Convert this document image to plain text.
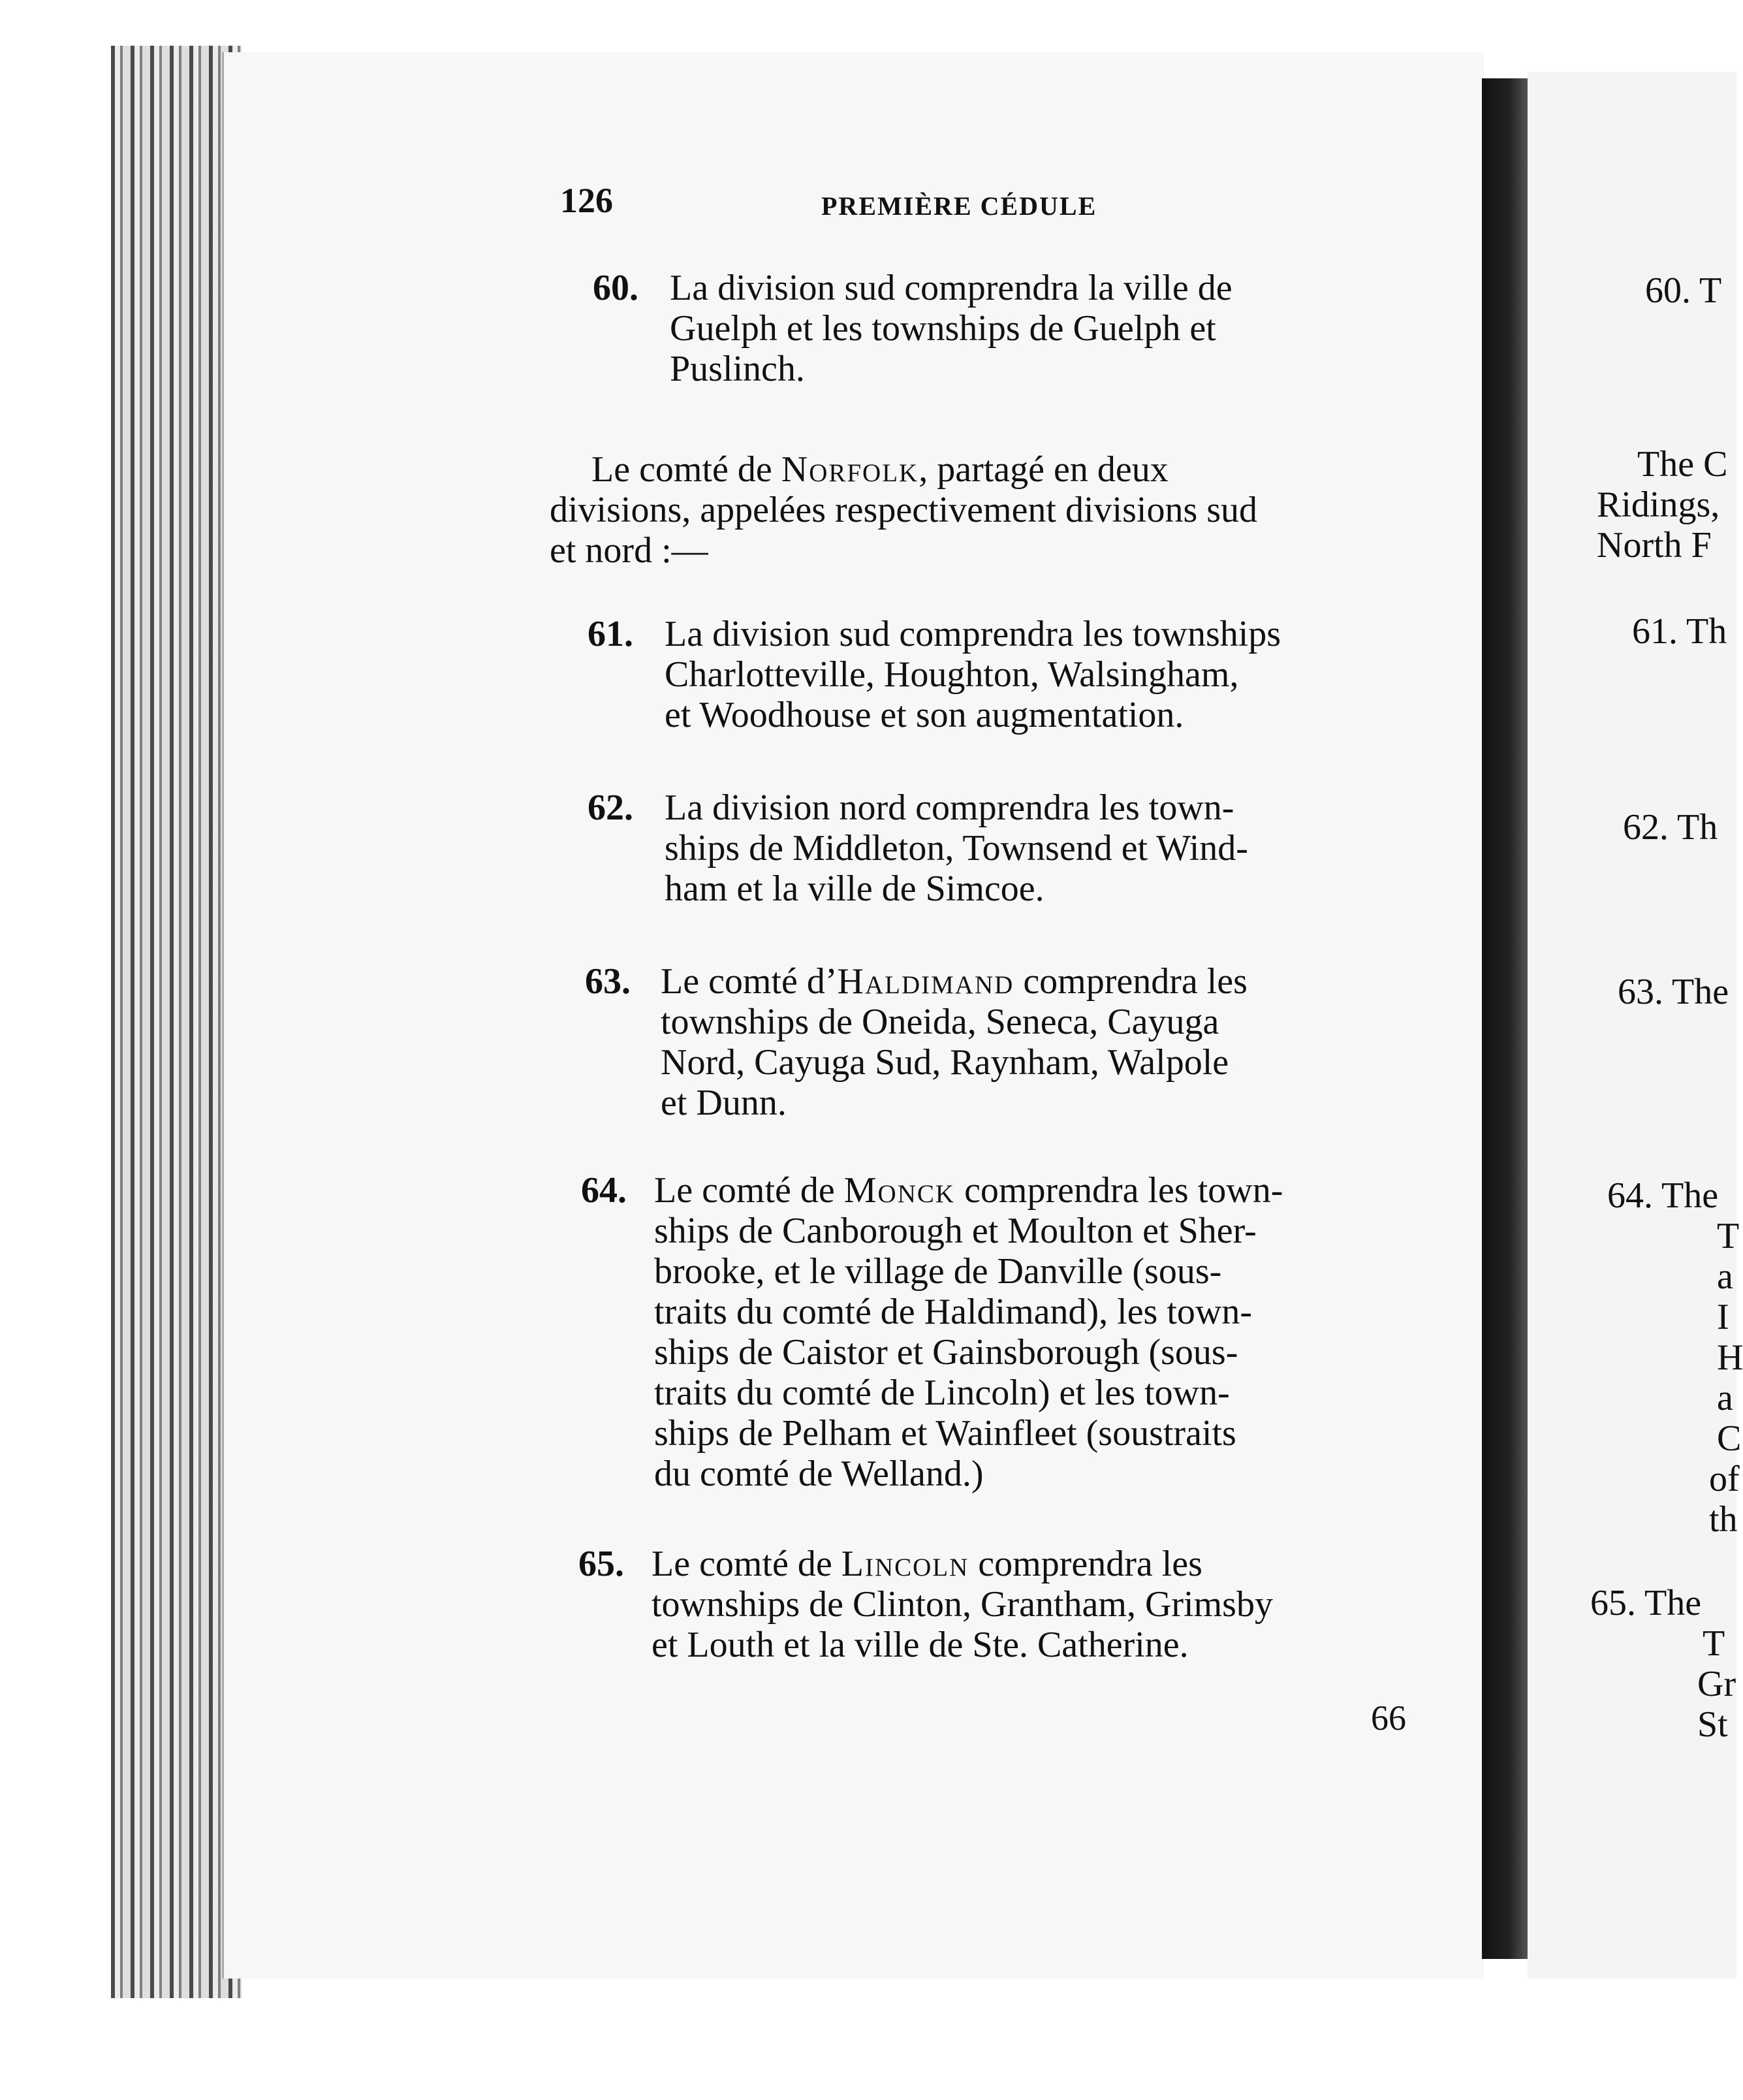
126	PREMIÈRE CÉDULE
60. La division sud comprendra la ville de
Guelph et les townships de Guelph et
Puslinch.
Le comté de Norfolk, partagé en deux
divisions, appelées respectivement divisions sud
et nord :—
61. La division sud comprendra les townships
Charlotteville, Houghton, Walsingham,
et Woodhouse et son augmentation.
62. La division nord comprendra les town-
ships de Middleton, Townsend et Wind-
ham et la ville de Simcoe.
63. Le comté d’Haldimand comprendra les
townships de Oneida, Seneca, Cayuga
Nord, Cayuga Sud, Raynham, Walpole
et Dunn.
64. Le comté de Monck comprendra les town-
ships de Canborough et Moulton et Sher-
brooke, et le village de Danville (sous-
traits du comté de Haldimand), les town-
ships de Caistor et Gainsborough (sous-
traits du comté de Lincoln) et les town-
ships de Pelham et Wainfleet (soustraits
du comté de Welland.)
65. Le comté de Lincoln comprendra les
townships de Clinton, Grantham, Grimsby
et Louth et la ville de Ste. Catherine.
66
60. T
The C
Ridings,
North F
61. Th
62. Th
63. The
64. The
T
a
I
H
a
C
of
th
65. The
T
Gr
St
